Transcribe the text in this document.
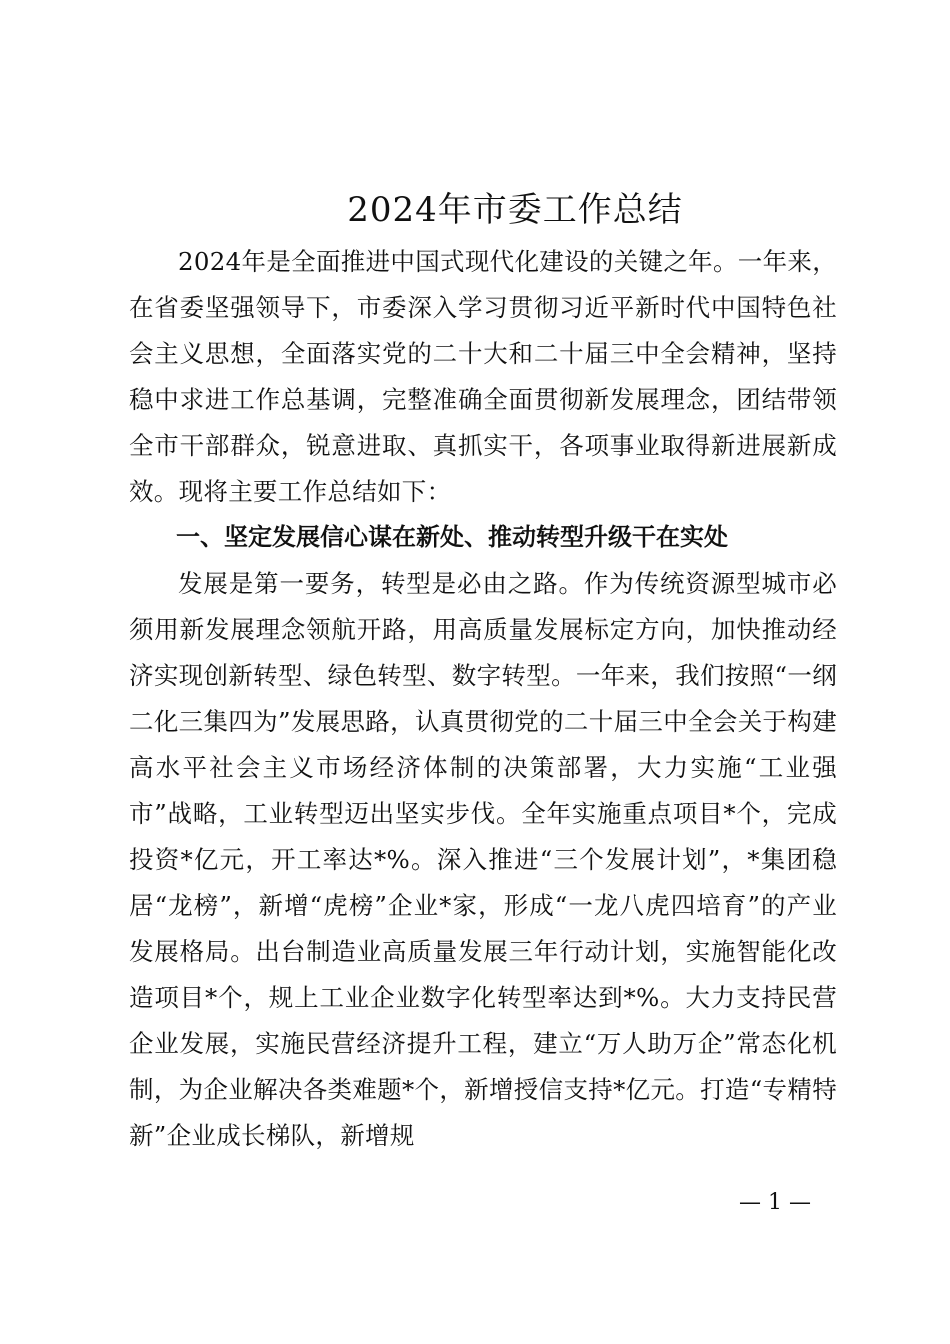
2024年市委工作总结

2024年是全面推进中国式现代化建设的关键之年。一年来，在省委坚强领导下，市委深入学习贯彻习近平新时代中国特色社会主义思想，全面落实党的二十大和二十届三中全会精神，坚持稳中求进工作总基调，完整准确全面贯彻新发展理念，团结带领全市干部群众，锐意进取、真抓实干，各项事业取得新进展新成效。现将主要工作总结如下：

一、坚定发展信心谋在新处、推动转型升级干在实处

发展是第一要务，转型是必由之路。作为传统资源型城市必须用新发展理念领航开路，用高质量发展标定方向，加快推动经济实现创新转型、绿色转型、数字转型。一年来，我们按照“一纲二化三集四为”发展思路，认真贯彻党的二十届三中全会关于构建高水平社会主义市场经济体制的决策部署，大力实施“工业强市”战略，工业转型迈出坚实步伐。全年实施重点项目*个，完成投资*亿元，开工率达*%。深入推进“三个发展计划”，*集团稳居“龙榜”，新增“虎榜”企业*家，形成“一龙八虎四培育”的产业发展格局。出台制造业高质量发展三年行动计划，实施智能化改造项目*个，规上工业企业数字化转型率达到*%。大力支持民营企业发展，实施民营经济提升工程，建立“万人助万企”常态化机制，为企业解决各类难题*个，新增授信支持*亿元。打造“专精特新”企业成长梯队，新增规

— 1 —
